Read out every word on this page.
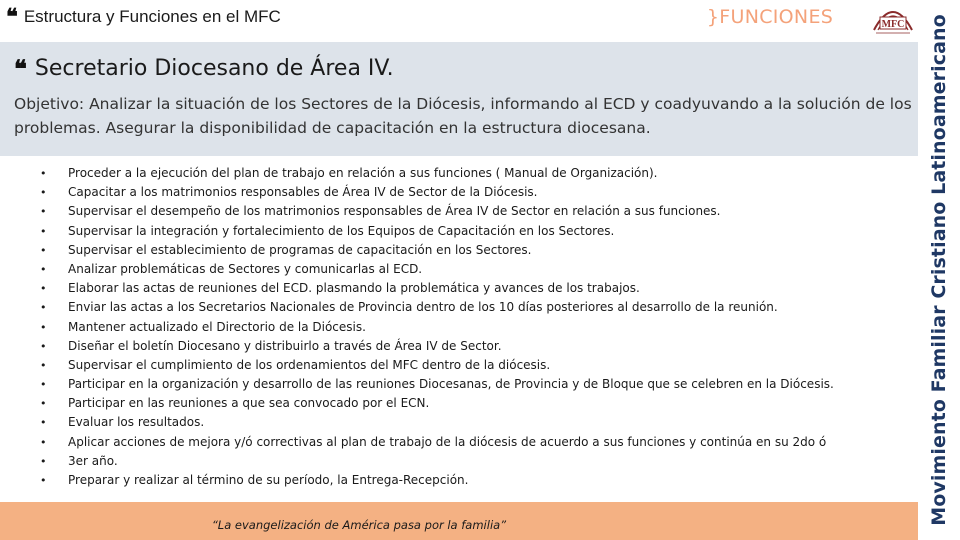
❝ Estructura y Funciones en el MFC	}FUNCIONES	MFC Movimiento Familiar Cristiano Latinoamericano
❝ Secretario Diocesano de Área IV.
Objetivo: Analizar la situación de los Sectores de la Diócesis, informando al ECD y coadyuvando a la solución de los problemas. Asegurar la disponibilidad de capacitación en la estructura diocesana.
•	Proceder a la ejecución del plan de trabajo en relación a sus funciones ( Manual de Organización).
•	Capacitar a los matrimonios responsables de Área IV de Sector de la Diócesis.
•	Supervisar el desempeño de los matrimonios responsables de Área IV de Sector en relación a sus funciones.
•	Supervisar la integración y fortalecimiento de los Equipos de Capacitación en los Sectores.
•	Supervisar el establecimiento de programas de capacitación en los Sectores.
•	Analizar problemáticas de Sectores y comunicarlas al ECD.
•	Elaborar las actas de reuniones del ECD. plasmando la problemática y avances de los trabajos.
•	Enviar las actas a los Secretarios Nacionales de Provincia dentro de los 10 días posteriores al desarrollo de la reunión.
•	Mantener actualizado el Directorio de la Diócesis.
•	Diseñar el boletín Diocesano y distribuirlo a través de Área IV de Sector.
•	Supervisar el cumplimiento de los ordenamientos del MFC dentro de la diócesis.
•	Participar en la organización y desarrollo de las reuniones Diocesanas, de Provincia y de Bloque que se celebren en la Diócesis.
•	Participar en las reuniones a que sea convocado por el ECN.
•	Evaluar los resultados.
•	Aplicar acciones de mejora y/ó correctivas al plan de trabajo de la diócesis de acuerdo a sus funciones y continúa en su 2do ó
•	3er año.
•	Preparar y realizar al término de su período, la Entrega-Recepción.
“La evangelización de América pasa por la familia”
